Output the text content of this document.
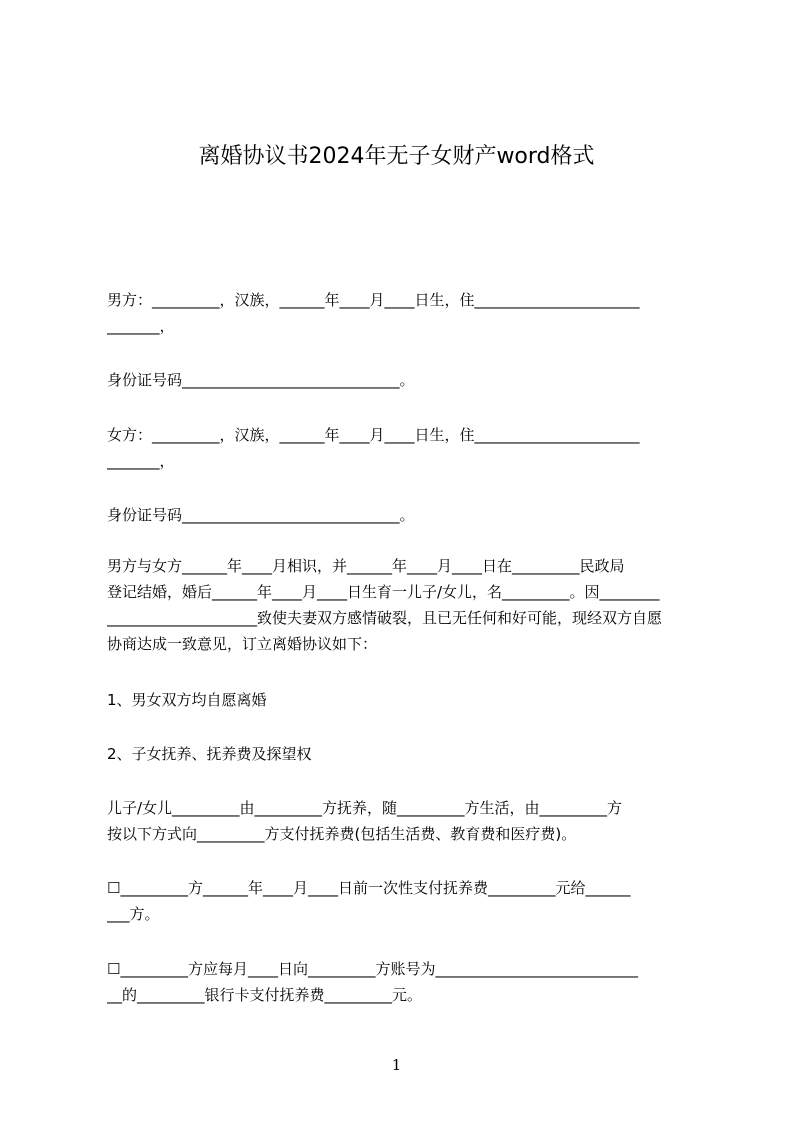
离婚协议书2024年无子女财产word格式

男方：_________，汉族，______年____月____日生，住______________________
_______，

身份证号码_____________________________。

女方：_________，汉族，______年____月____日生，住______________________
_______，

身份证号码_____________________________。

男方与女方______年____月相识，并______年____月____日在_________民政局
登记结婚，婚后______年____月____日生育一儿子/女儿，名_________。因________
____________________致使夫妻双方感情破裂，且已无任何和好可能，现经双方自愿
协商达成一致意见，订立离婚协议如下：

1、男女双方均自愿离婚

2、子女抚养、抚养费及探望权

儿子/女儿_________由_________方抚养，随_________方生活，由_________方
按以下方式向_________方支付抚养费(包括生活费、教育费和医疗费)。

☐_________方______年____月____日前一次性支付抚养费_________元给______
___方。

☐_________方应每月____日向_________方账号为___________________________
__的_________银行卡支付抚养费_________元。

1
